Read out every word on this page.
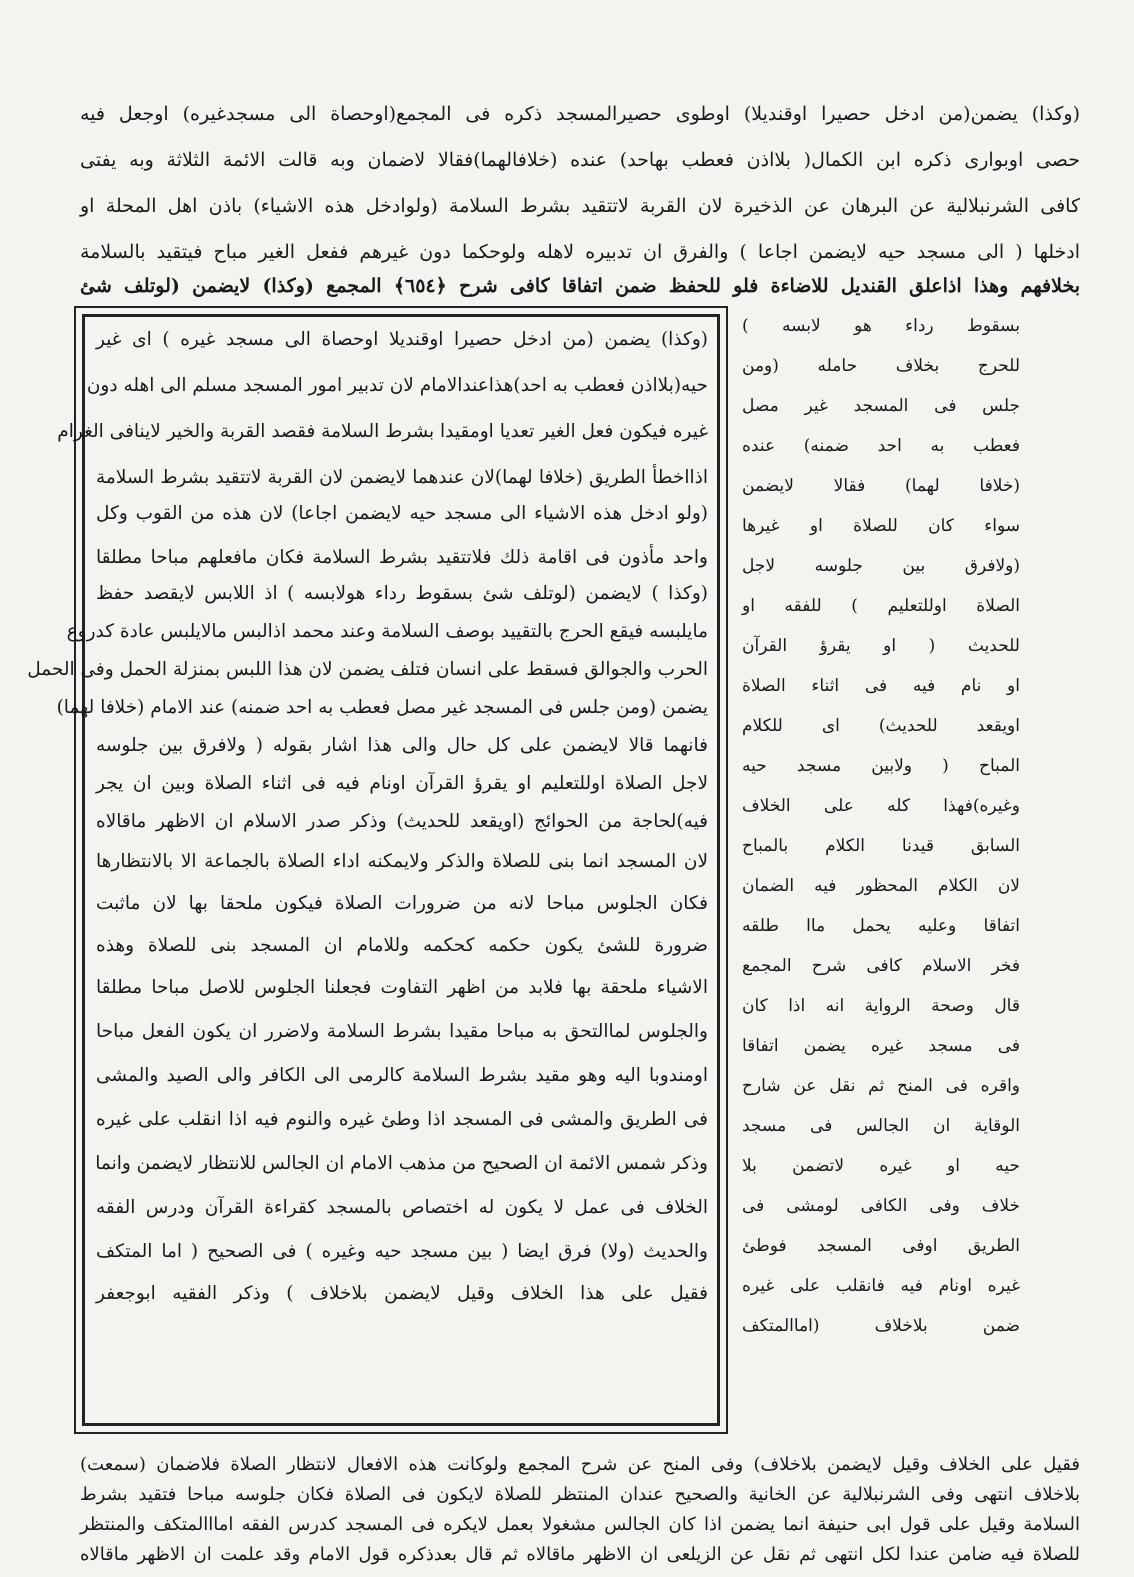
(وكذا) يضمن(من ادخل حصيرا اوقنديلا) اوطوى حصيرالمسجد ذكره فى المجمع(اوحصاة الى مسجدغيره) اوجعل فيه
حصى اوبوارى ذكره ابن الكمال( بلااذن فعطب بهاحد) عنده (خلافالهما)فقالا لاضمان وبه قالت الائمة الثلاثة وبه يفتى
كافى الشرنبلالية عن البرهان عن الذخيرة لان القربة لاتتقيد بشرط السلامة (ولوادخل هذه الاشياء) باذن اهل المحلة او
ادخلها ( الى مسجد حيه لايضمن اجاعا ) والفرق ان تدبيره لاهله ولوحكما دون غيرهم ففعل الغير مباح فيتقيد بالسلامة
بخلافهم وهذا اذاعلق القنديل للاضاءة فلو للحفظ ضمن اتفاقا كافى شرح ﴿٦٥٤﴾ المجمع (وكذا) لايضمن (لوتلف شئ
بسقوط رداء هو لابسه )
للحرج بخلاف حامله (ومن
جلس فى المسجد غير مصل
فعطب به احد ضمنه) عنده
(خلافا لهما) فقالا لايضمن
سواء كان للصلاة او غيرها
(ولافرق بين جلوسه لاجل
الصلاة اوللتعليم ) للفقه او
للحديث ( او يقرؤ القرآن
او نام فيه فى اثناء الصلاة
اويقعد للحديث) اى للكلام
المباح ( ولابين مسجد حيه
وغيره)فهذا كله على الخلاف
السابق قيدنا الكلام بالمباح
لان الكلام المحظور فيه الضمان
اتفاقا وعليه يحمل ماا طلقه
فخر الاسلام كافى شرح المجمع
قال وصحة الرواية انه اذا كان
فى مسجد غيره يضمن اتفاقا
واقره فى المنح ثم نقل عن شارح
الوقاية ان الجالس فى مسجد
حيه او غيره لاتضمن بلا
خلاف وفى الكافى لومشى فى
الطريق اوفى المسجد فوطئ
غيره اونام فيه فانقلب على غيره
ضمن بلاخلاف (اماالمتكف
(وكذا) يضمن (من ادخل حصيرا اوقنديلا اوحصاة الى مسجد غيره ) اى غير
حيه(بلااذن فعطب به احد)هذاعندالامام لان تدبير امور المسجد مسلم الى اهله دون
غيره فيكون فعل الغير تعديا اومقيدا بشرط السلامة فقصد القربة والخير لاينافى الغرام
اذااخطأ الطريق (خلافا لهما)لان عندهما لايضمن لان القربة لاتتقيد بشرط السلامة
(ولو ادخل هذه الاشياء الى مسجد حيه لايضمن اجاعا) لان هذه من القوب وكل
واحد مأذون فى اقامة ذلك فلاتتقيد بشرط السلامة فكان مافعلهم مباحا مطلقا
(وكذا ) لايضمن (لوتلف شئ بسقوط رداء هولابسه ) اذ اللابس لايقصد حفظ
مايلبسه فيقع الحرج بالتقييد بوصف السلامة وعند محمد اذالبس مالايلبس عادة كدروع
الحرب والجوالق فسقط على انسان فتلف يضمن لان هذا اللبس بمنزلة الحمل وفى الحمل
يضمن (ومن جلس فى المسجد غير مصل فعطب به احد ضمنه) عند الامام (خلافا لهما)
فانهما قالا لايضمن على كل حال والى هذا اشار بقوله ( ولافرق بين جلوسه
لاجل الصلاة اوللتعليم او يقرؤ القرآن اونام فيه فى اثناء الصلاة وبين ان يجر
فيه)لحاجة من الحوائج (اويقعد للحديث) وذكر صدر الاسلام ان الاظهر ماقالاه
لان المسجد انما بنى للصلاة والذكر ولايمكنه اداء الصلاة بالجماعة الا بالانتظارها
فكان الجلوس مباحا لانه من ضرورات الصلاة فيكون ملحقا بها لان ماثبت
ضرورة للشئ يكون حكمه كحكمه وللامام ان المسجد بنى للصلاة وهذه
الاشياء ملحقة بها فلابد من اظهر التفاوت فجعلنا الجلوس للاصل مباحا مطلقا
والجلوس لماالتحق به مباحا مقيدا بشرط السلامة ولاضرر ان يكون الفعل مباحا
اومندوبا اليه وهو مقيد بشرط السلامة كالرمى الى الكافر والى الصيد والمشى
فى الطريق والمشى فى المسجد اذا وطئ غيره والنوم فيه اذا انقلب على غيره
وذكر شمس الائمة ان الصحيح من مذهب الامام ان الجالس للانتظار لايضمن وانما
الخلاف فى عمل لا يكون له اختصاص بالمسجد كقراءة القرآن ودرس الفقه
والحديث (ولا) فرق ايضا ( بين مسجد حيه وغيره ) فى الصحيح ( اما المتكف
فقيل على هذا الخلاف وقيل لايضمن بلاخلاف ) وذكر الفقيه ابوجعفر
فقيل على الخلاف وقيل لايضمن بلاخلاف) وفى المنح عن شرح المجمع ولوكانت هذه الافعال لانتظار الصلاة فلاضمان (سمعت)
بلاخلاف انتهى وفى الشرنبلالية عن الخانية والصحيح عندان المنتظر للصلاة لايكون فى الصلاة فكان جلوسه مباحا فتقيد بشرط
السلامة وقيل على قول ابى حنيفة انما يضمن اذا كان الجالس مشغولا بعمل لايكره فى المسجد كدرس الفقه امااالمتكف والمنتظر
للصلاة فيه ضامن عندا لكل انتهى ثم نقل عن الزيلعى ان الاظهر ماقالاه ثم قال بعدذكره قول الامام وقد علمت ان الاظهر ماقالاه
